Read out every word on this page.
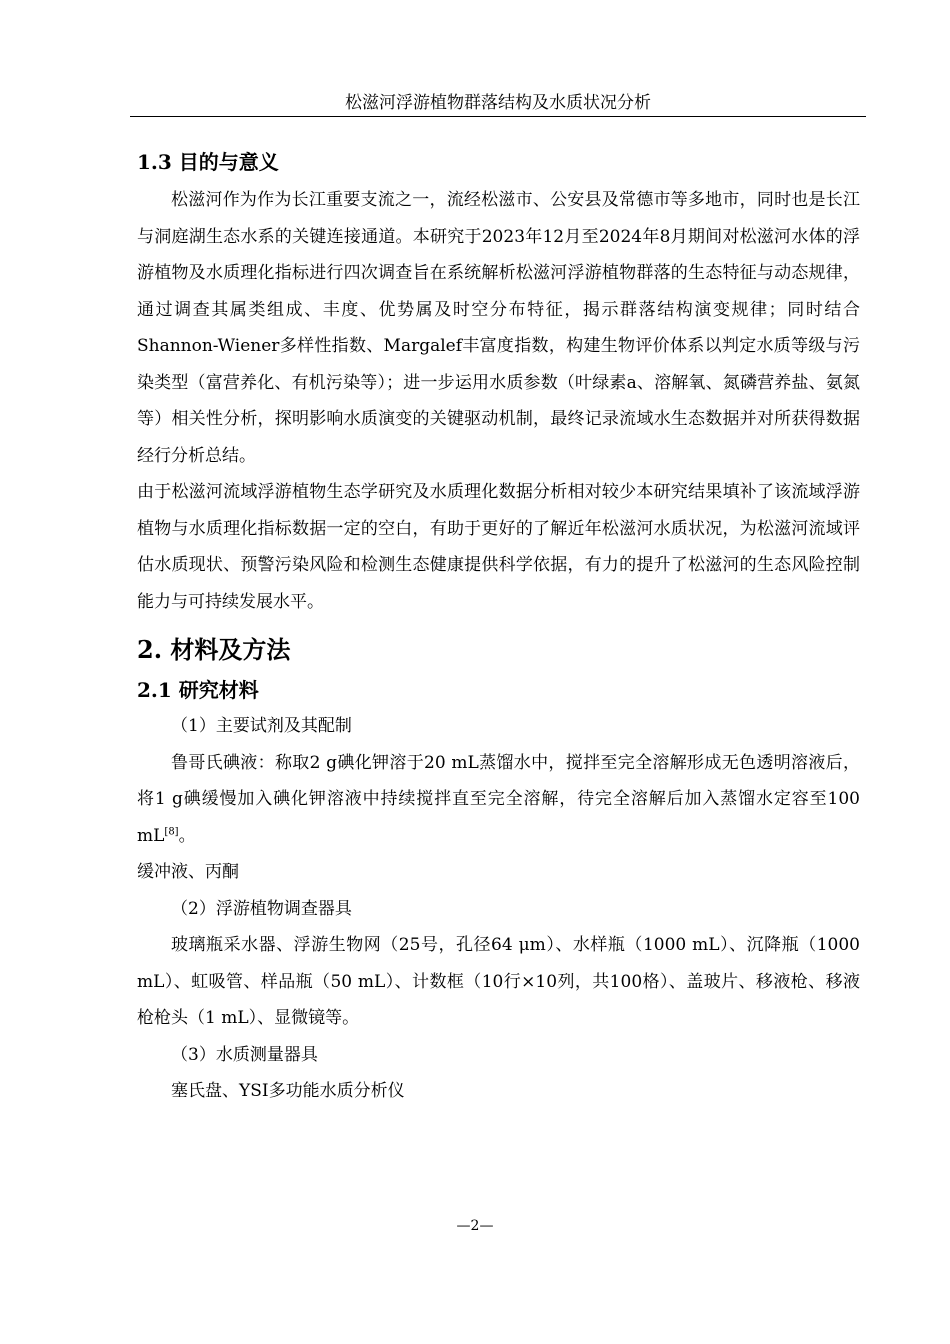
松滋河浮游植物群落结构及水质状况分析
1.3 目的与意义

松滋河作为作为长江重要支流之一，流经松滋市、公安县及常德市等多地市，同时也是长江与洞庭湖生态水系的关键连接通道。本研究于2023年12月至2024年8月期间对松滋河水体的浮游植物及水质理化指标进行四次调查旨在系统解析松滋河浮游植物群落的生态特征与动态规律，通过调查其属类组成、丰度、优势属及时空分布特征，揭示群落结构演变规律；同时结合Shannon-Wiener多样性指数、Margalef丰富度指数，构建生物评价体系以判定水质等级与污染类型（富营养化、有机污染等）；进一步运用水质参数（叶绿素a、溶解氧、氮磷营养盐、氨氮等）相关性分析，探明影响水质演变的关键驱动机制，最终记录流域水生态数据并对所获得数据经行分析总结。

由于松滋河流域浮游植物生态学研究及水质理化数据分析相对较少本研究结果填补了该流域浮游植物与水质理化指标数据一定的空白，有助于更好的了解近年松滋河水质状况，为松滋河流域评估水质现状、预警污染风险和检测生态健康提供科学依据，有力的提升了松滋河的生态风险控制能力与可持续发展水平。

2. 材料及方法
2.1 研究材料

（1）主要试剂及其配制

鲁哥氏碘液：称取2 g碘化钾溶于20 mL蒸馏水中，搅拌至完全溶解形成无色透明溶液后，将1 g碘缓慢加入碘化钾溶液中持续搅拌直至完全溶解，待完全溶解后加入蒸馏水定容至100 mL[8]。

缓冲液、丙酮

（2）浮游植物调查器具

玻璃瓶采水器、浮游生物网（25号，孔径64 μm）、水样瓶（1000 mL）、沉降瓶（1000 mL）、虹吸管、样品瓶（50 mL）、计数框（10行×10列，共100格）、盖玻片、移液枪、移液枪枪头（1 mL）、显微镜等。

（3）水质测量器具

塞氏盘、YSI多功能水质分析仪

—2—
